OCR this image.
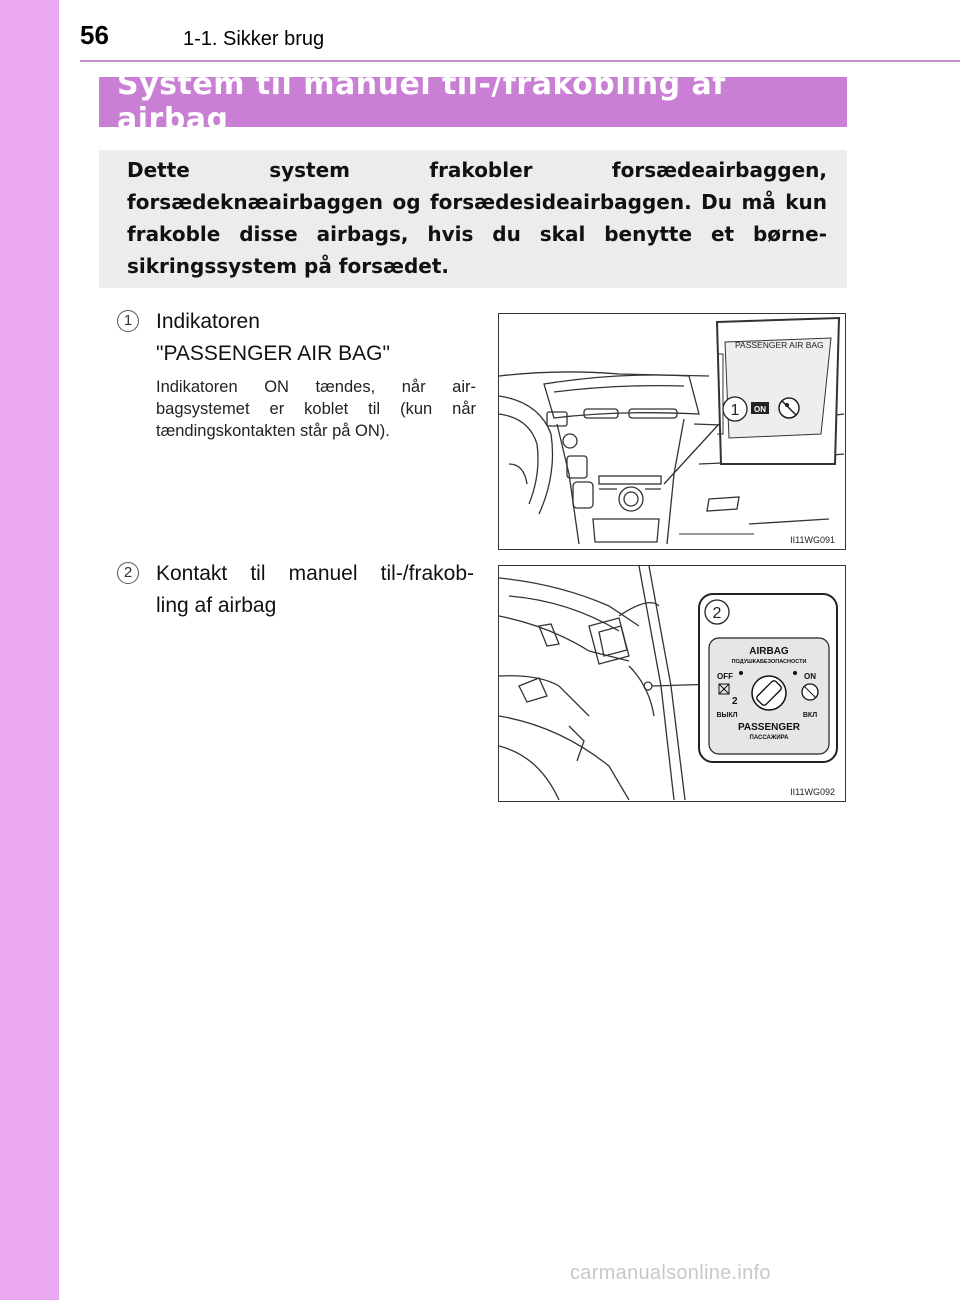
56	1-1. Sikker brug
System til manuel til-/frakobling af airbag
Dette system frakobler forsædeairbaggen, forsædeknæairbaggen og forsædesideairbaggen. Du må kun frakoble disse airbags, hvis du skal benytte et børnesikringssystem på forsædet.
1	Indikatoren
"PASSENGER AIR BAG"
Indikatoren ON tændes, når airbagsystemet er koblet til (kun når tændingskontakten står på ON).
2	Kontakt til manuel til-/frakob-
ling af airbag
PASSENGER AIR BAG
1 ON
II11WG091
2
AIRBAG
ПОДУШКАБЕЗОПАСНОСТИ
OFF	ON
2
ВЫКЛ	ВКЛ
PASSENGER
ПАССАЖИРА
II11WG092
carmanualsonline.info
